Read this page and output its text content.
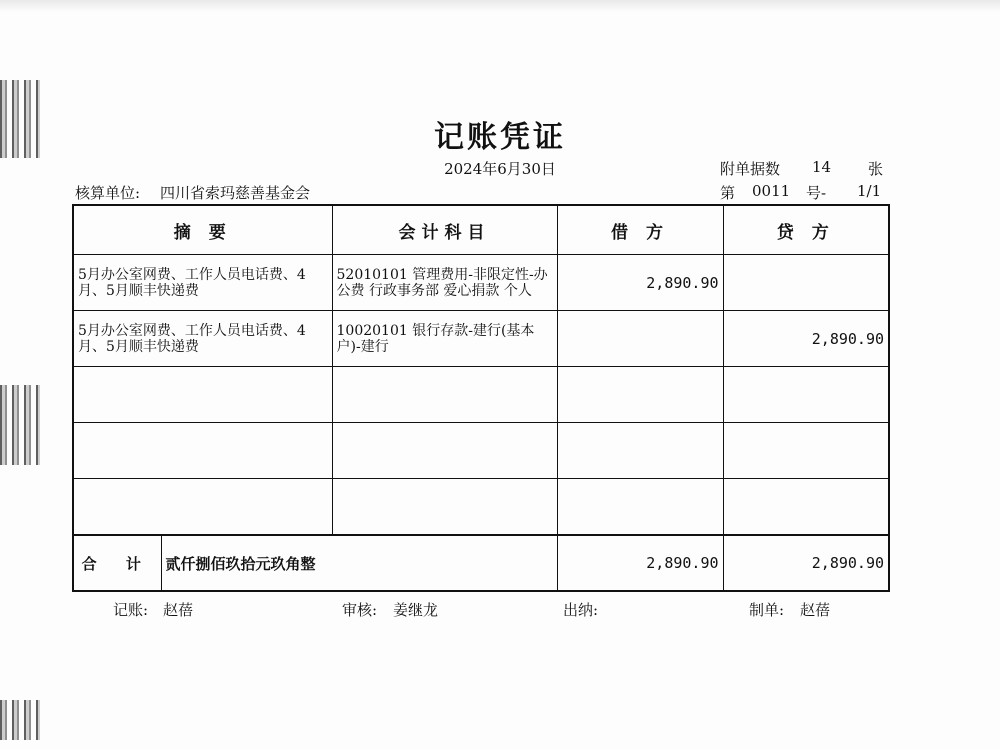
记账凭证
2024年6月30日	附单据数 14 张
核算单位: 四川省索玛慈善基金会	第 0011 号- 1/1
摘 要		会计科目	借 方	贷 方
5月办公室网费、工作人员电话费、4月、5月顺丰快递费		52010101 管理费用-非限定性-办公费 行政事务部 爱心捐款 个人	2,890.90	
5月办公室网费、工作人员电话费、4月、5月顺丰快递费		10020101 银行存款-建行(基本户)-建行		2,890.90

合 计	贰仟捌佰玖拾元玖角整		2,890.90	2,890.90
记账: 赵蓓	审核: 姜继龙	出纳:	制单: 赵蓓
